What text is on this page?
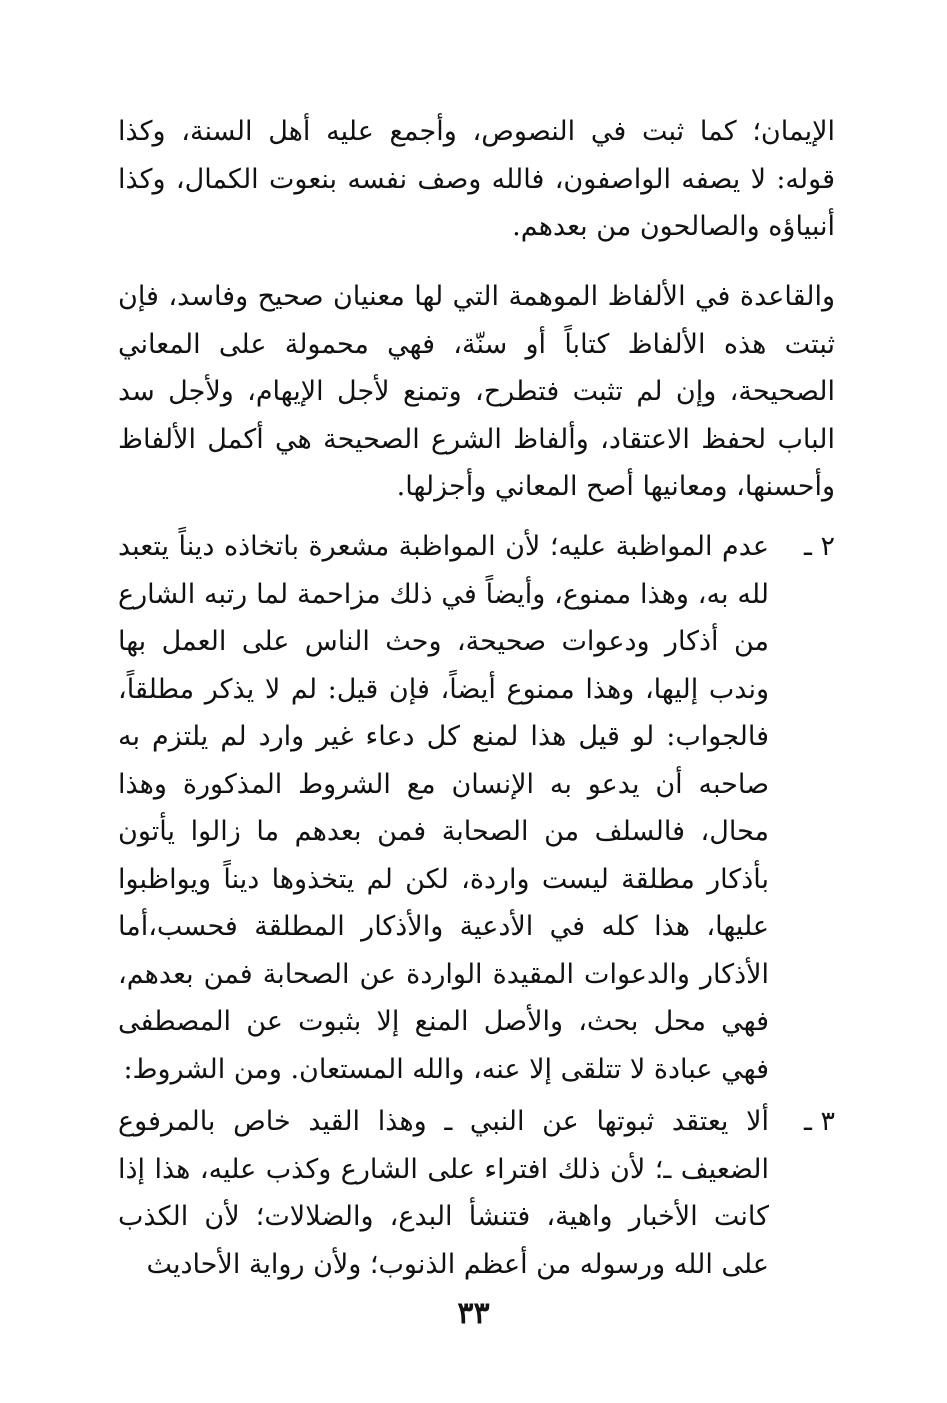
الإيمان؛ كما ثبت في النصوص، وأجمع عليه أهل السنة، وكذا قوله: لا يصفه الواصفون، فالله وصف نفسه بنعوت الكمال، وكذا أنبياؤه والصالحون من بعدهم.

والقاعدة في الألفاظ الموهمة التي لها معنيان صحيح وفاسد، فإن ثبتت هذه الألفاظ كتاباً أو سنّة، فهي محمولة على المعاني الصحيحة، وإن لم تثبت فتطرح، وتمنع لأجل الإيهام، ولأجل سد الباب لحفظ الاعتقاد، وألفاظ الشرع الصحيحة هي أكمل الألفاظ وأحسنها، ومعانيها أصح المعاني وأجزلها.

٢ ـ

عدم المواظبة عليه؛ لأن المواظبة مشعرة باتخاذه ديناً يتعبد لله به، وهذا ممنوع، وأيضاً في ذلك مزاحمة لما رتبه الشارع من أذكار ودعوات صحيحة، وحث الناس على العمل بها وندب إليها، وهذا ممنوع أيضاً، فإن قيل: لم لا يذكر مطلقاً، فالجواب: لو قيل هذا لمنع كل دعاء غير وارد لم يلتزم به صاحبه أن يدعو به الإنسان مع الشروط المذكورة وهذا محال، فالسلف من الصحابة فمن بعدهم ما زالوا يأتون بأذكار مطلقة ليست واردة، لكن لم يتخذوها ديناً ويواظبوا عليها، هذا كله في الأدعية والأذكار المطلقة فحسب،أما الأذكار والدعوات المقيدة الواردة عن الصحابة فمن بعدهم، فهي محل بحث، والأصل المنع إلا بثبوت عن المصطفى فهي عبادة لا تتلقى إلا عنه، والله المستعان. ومن الشروط:

٣ ـ

ألا يعتقد ثبوتها عن النبي ـ وهذا القيد خاص بالمرفوع الضعيف ـ؛ لأن ذلك افتراء على الشارع وكذب عليه، هذا إذا كانت الأخبار واهية، فتنشأ البدع، والضلالات؛ لأن الكذب على الله ورسوله من أعظم الذنوب؛ ولأن رواية الأحاديث

٣٣
